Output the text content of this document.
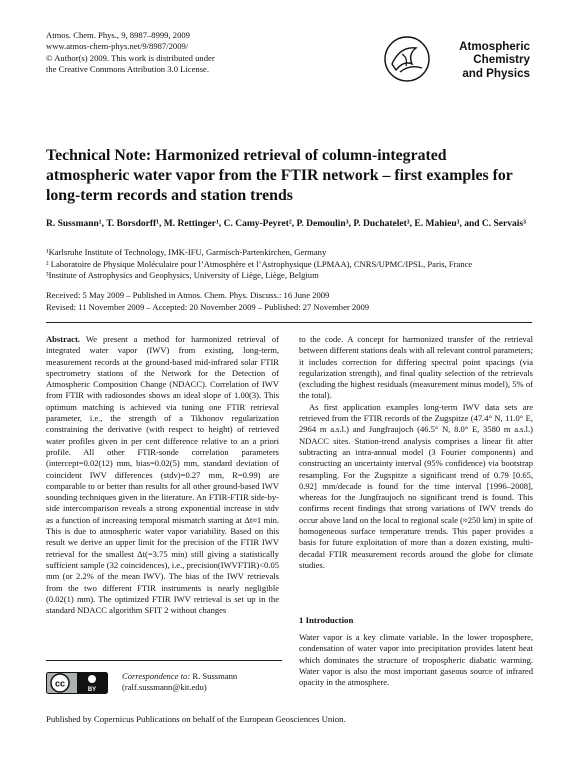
Atmos. Chem. Phys., 9, 8987–8999, 2009
www.atmos-chem-phys.net/9/8987/2009/
© Author(s) 2009. This work is distributed under
the Creative Commons Attribution 3.0 License.
Atmospheric
Chemistry
and Physics
Technical Note: Harmonized retrieval of column-integrated atmospheric water vapor from the FTIR network – first examples for long-term records and station trends
R. Sussmann¹, T. Borsdorff¹, M. Rettinger¹, C. Camy-Peyret², P. Demoulin³, P. Duchatelet³, E. Mahieu³, and C. Servais³
¹Karlsruhe Institute of Technology, IMK-IFU, Garmisch-Partenkirchen, Germany
² Laboratoire de Physique Moléculaire pour l’Atmosphère et l’Astrophysique (LPMAA), CNRS/UPMC/IPSL, Paris, France
³Institute of Astrophysics and Geophysics, University of Liège, Liège, Belgium
Received: 5 May 2009 – Published in Atmos. Chem. Phys. Discuss.: 16 June 2009
Revised: 11 November 2009 – Accepted: 20 November 2009 – Published: 27 November 2009

Abstract. We present a method for harmonized retrieval of integrated water vapor (IWV) from existing, long-term, measurement records at the ground-based mid-infrared solar FTIR spectrometry stations of the Network for the Detection of Atmospheric Composition Change (NDACC). Correlation of IWV from FTIR with radiosondes shows an ideal slope of 1.00(3). This optimum matching is achieved via tuning one FTIR retrieval parameter, i.e., the strength of a Tikhonov regularization constraining the derivative (with respect to height) of retrieved water profiles given in per cent difference relative to an a priori profile. All other FTIR-sonde correlation parameters (intercept=0.02(12) mm, bias=0.02(5) mm, standard deviation of coincident IWV differences (stdv)=0.27 mm, R=0.99) are comparable to or better than results for all other ground-based IWV sounding techniques given in the literature. An FTIR-FTIR side-by-side intercomparison reveals a strong exponential increase in stdv as a function of increasing temporal mismatch starting at Δt≈1 min. This is due to atmospheric water vapor variability. Based on this result we derive an upper limit for the precision of the FTIR IWV retrieval for the smallest Δt(=3.75 min) still giving a statistically sufficient sample (32 coincidences), i.e., precision(IWVFTIR)<0.05 mm (or 2.2% of the mean IWV). The bias of the IWV retrievals from the two different FTIR instruments is nearly negligible (0.02(1) mm). The optimized FTIR IWV retrieval is set up in the standard NDACC algorithm SFIT 2 without changes

to the code. A concept for harmonized transfer of the retrieval between different stations deals with all relevant control parameters; it includes correction for differing spectral point spacings (via regularization strength), and final quality selection of the retrievals (excluding the highest residuals (measurement minus model), 5% of the total).

As first application examples long-term IWV data sets are retrieved from the FTIR records of the Zugspitze (47.4° N, 11.0° E, 2964 m a.s.l.) and Jungfraujoch (46.5° N, 8.0° E, 3580 m a.s.l.) NDACC sites. Station-trend analysis comprises a linear fit after subtracting an intra-annual model (3 Fourier components) and constructing an uncertainty interval (95% confidence) via bootstrap resampling. For the Zugspitze a significant trend of 0.79 [0.65, 0.92] mm/decade is found for the time interval [1996–2008], whereas for the Jungfraujoch no significant trend is found. This confirms recent findings that strong variations of IWV trends do occur above land on the local to regional scale (≈250 km) in spite of homogeneous surface temperature trends. This paper provides a basis for future exploitation of more than a dozen existing, multi-decadal FTIR measurement records around the globe for climate studies.

1 Introduction
Water vapor is a key climate variable. In the lower troposphere, condensation of water vapor into precipitation provides latent heat which dominates the structure of tropospheric diabatic warming. Water vapor is also the most important gaseous source of infrared opacity in the atmosphere.
cc
BY
Correspondence to: R. Sussmann
(ralf.sussmann@kit.edu)
Published by Copernicus Publications on behalf of the European Geosciences Union.
